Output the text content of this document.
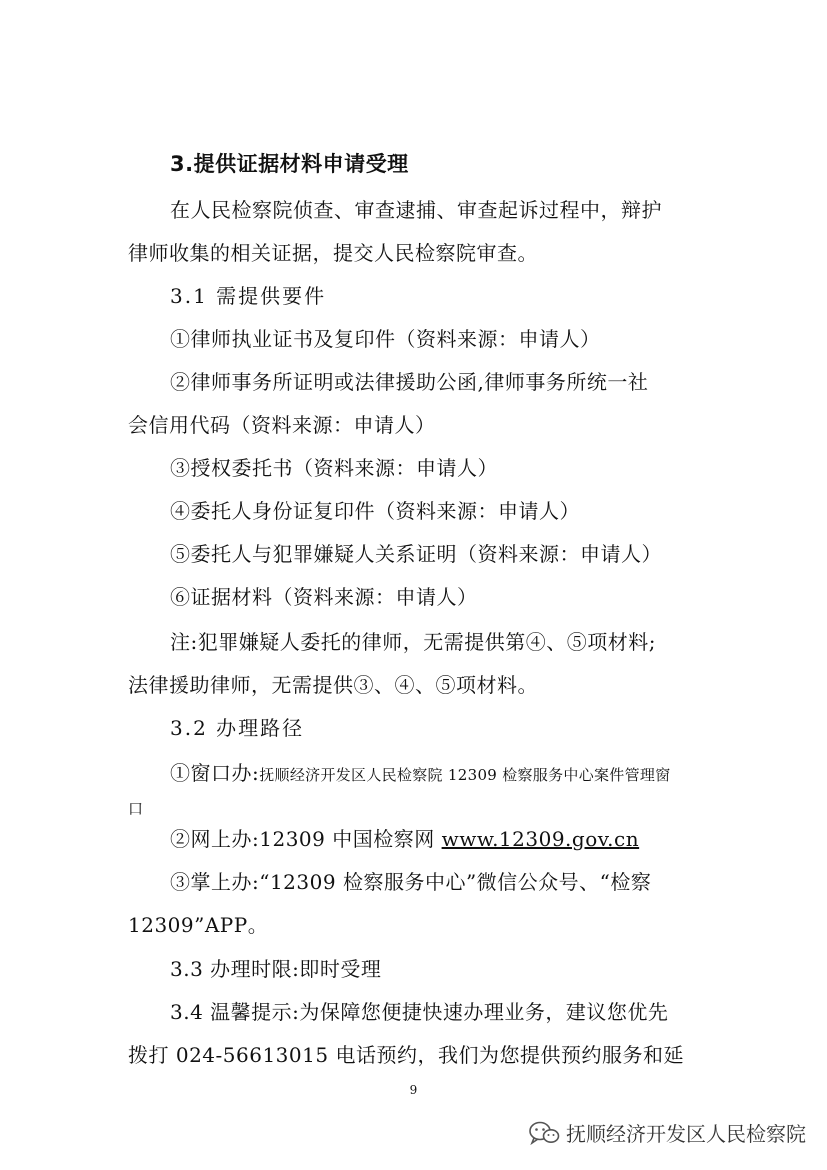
3.提供证据材料申请受理
在人民检察院侦查、审查逮捕、审查起诉过程中，辩护
律师收集的相关证据，提交人民检察院审查。
3.1 需提供要件
①律师执业证书及复印件（资料来源：申请人）
②律师事务所证明或法律援助公函,律师事务所统一社
会信用代码（资料来源：申请人）
③授权委托书（资料来源：申请人）
④委托人身份证复印件（资料来源：申请人）
⑤委托人与犯罪嫌疑人关系证明（资料来源：申请人）
⑥证据材料（资料来源：申请人）
注:犯罪嫌疑人委托的律师，无需提供第④、⑤项材料;
法律援助律师，无需提供③、④、⑤项材料。
3.2 办理路径
①窗口办:抚顺经济开发区人民检察院 12309 检察服务中心案件管理窗
口
②网上办:12309 中国检察网 www.12309.gov.cn
③掌上办:“12309 检察服务中心”微信公众号、“检察
12309”APP。
3.3 办理时限:即时受理
3.4 温馨提示:为保障您便捷快速办理业务，建议您优先
拨打 024-56613015 电话预约，我们为您提供预约服务和延
9
抚顺经济开发区人民检察院
